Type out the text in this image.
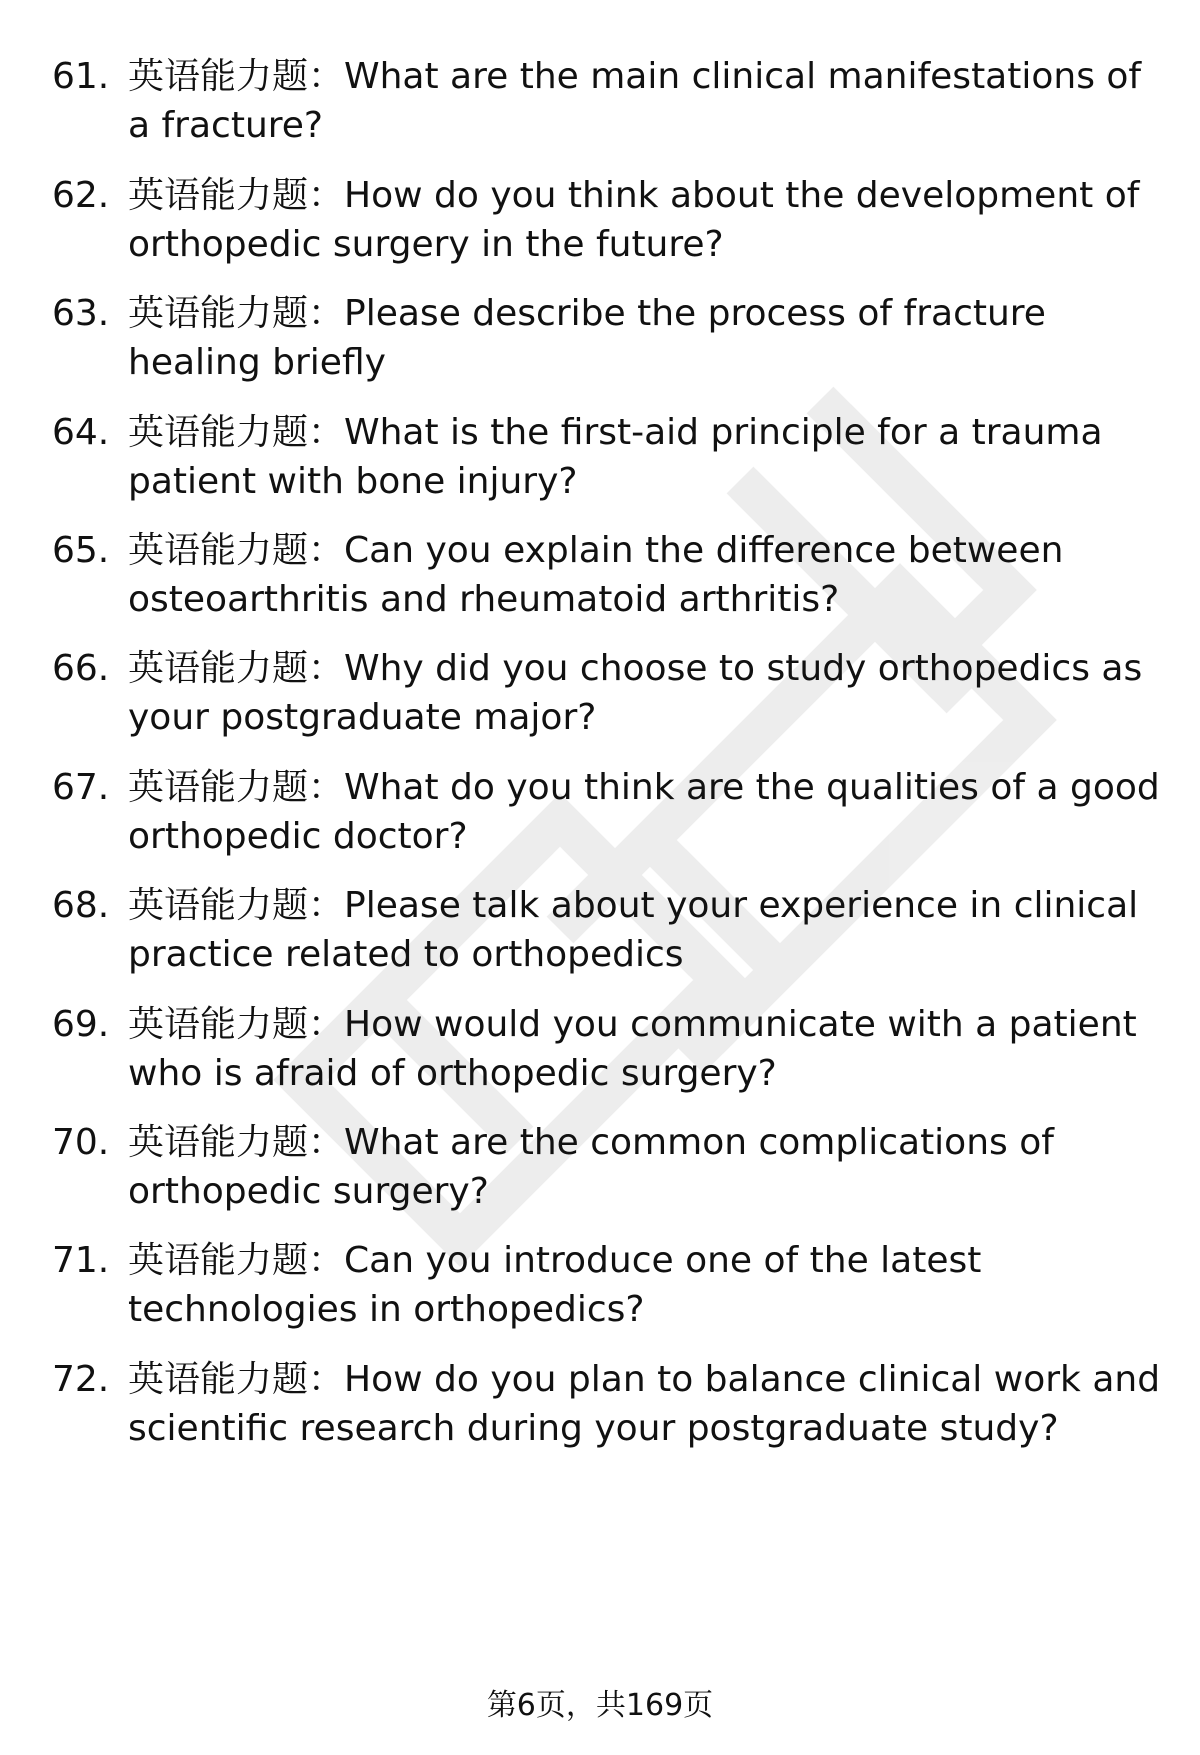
61. 英语能力题：What are the main clinical manifestations of a fracture?
62. 英语能力题：How do you think about the development of orthopedic surgery in the future?
63. 英语能力题：Please describe the process of fracture healing briefly
64. 英语能力题：What is the first-aid principle for a trauma patient with bone injury?
65. 英语能力题：Can you explain the difference between osteoarthritis and rheumatoid arthritis?
66. 英语能力题：Why did you choose to study orthopedics as your postgraduate major?
67. 英语能力题：What do you think are the qualities of a good orthopedic doctor?
68. 英语能力题：Please talk about your experience in clinical practice related to orthopedics
69. 英语能力题：How would you communicate with a patient who is afraid of orthopedic surgery?
70. 英语能力题：What are the common complications of orthopedic surgery?
71. 英语能力题：Can you introduce one of the latest technologies in orthopedics?
72. 英语能力题：How do you plan to balance clinical work and scientific research during your postgraduate study?
第6页，共169页
